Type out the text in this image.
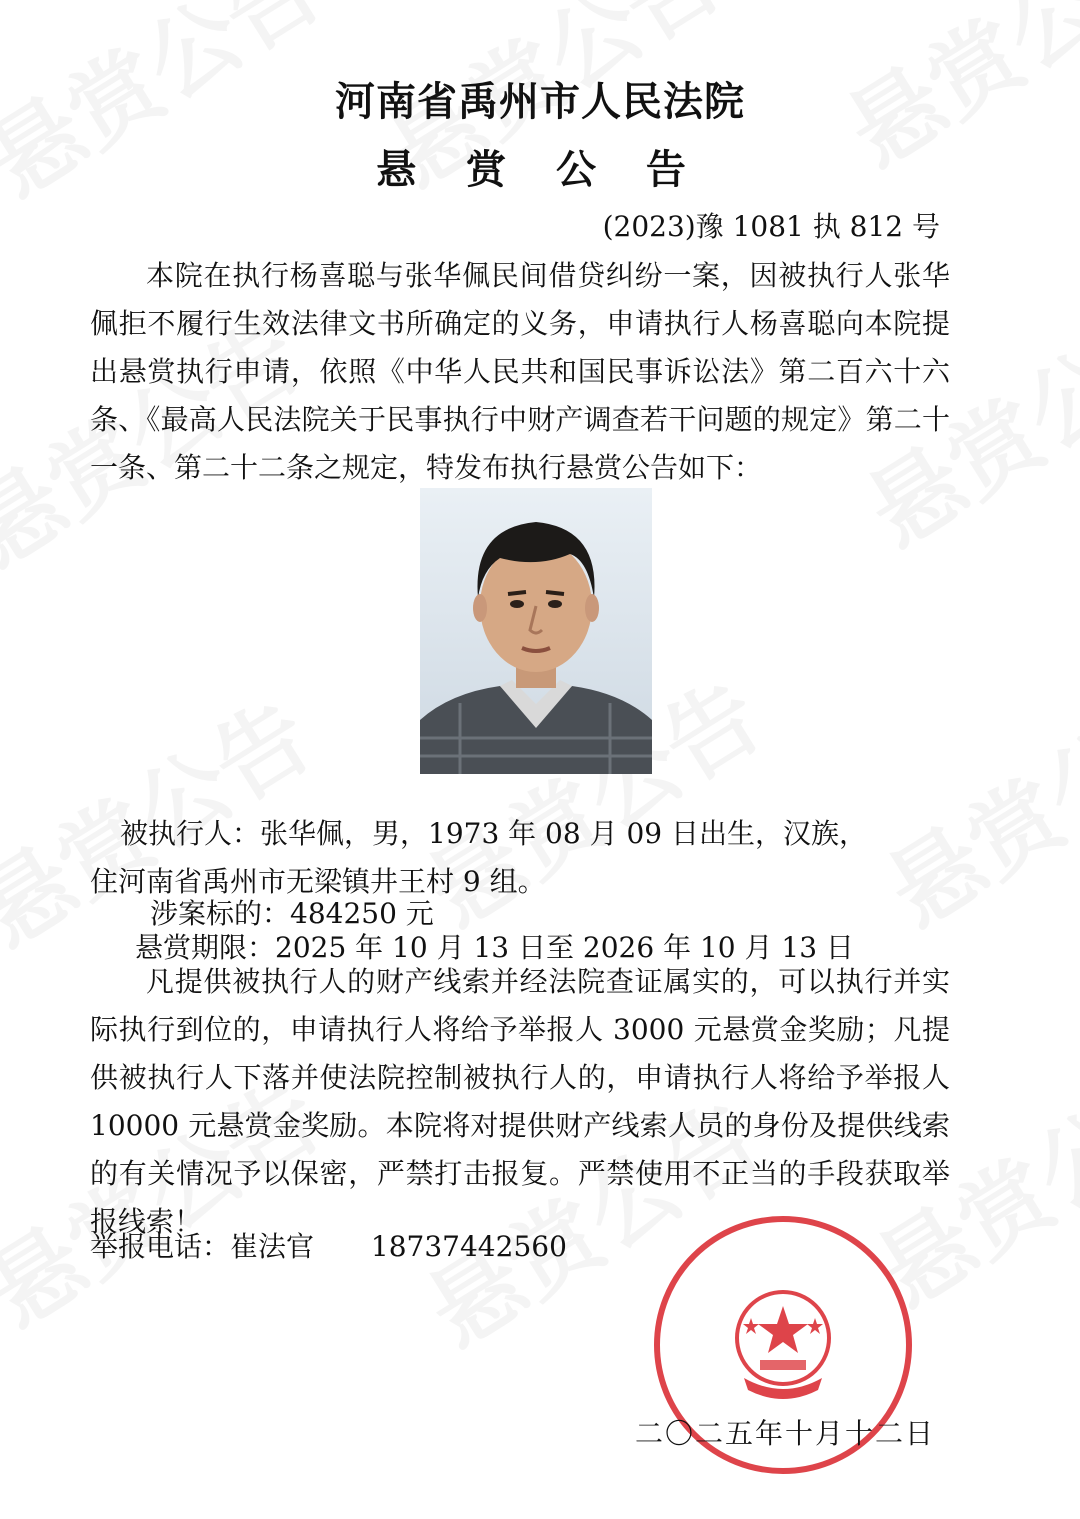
河南省禹州市人民法院
悬 赏 公 告
(2023)豫 1081 执 812 号
本院在执行杨喜聪与张华佩民间借贷纠纷一案，因被执行人张华佩拒不履行生效法律文书所确定的义务，申请执行人杨喜聪向本院提出悬赏执行申请，依照《中华人民共和国民事诉讼法》第二百六十六条、《最高人民法院关于民事执行中财产调查若干问题的规定》第二十一条、第二十二条之规定，特发布执行悬赏公告如下：
被执行人：张华佩，男，1973 年 08 月 09 日出生，汉族，
住河南省禹州市无梁镇井王村 9 组。
涉案标的：484250 元
悬赏期限：2025 年 10 月 13 日至 2026 年 10 月 13 日
凡提供被执行人的财产线索并经法院查证属实的，可以执行并实际执行到位的，申请执行人将给予举报人 3000 元悬赏金奖励；凡提供被执行人下落并使法院控制被执行人的，申请执行人将给予举报人 10000 元悬赏金奖励。本院将对提供财产线索人员的身份及提供线索的有关情况予以保密，严禁打击报复。严禁使用不正当的手段获取举报线索！
举报电话：崔法官 18737442560
二〇二五年十月十二日
